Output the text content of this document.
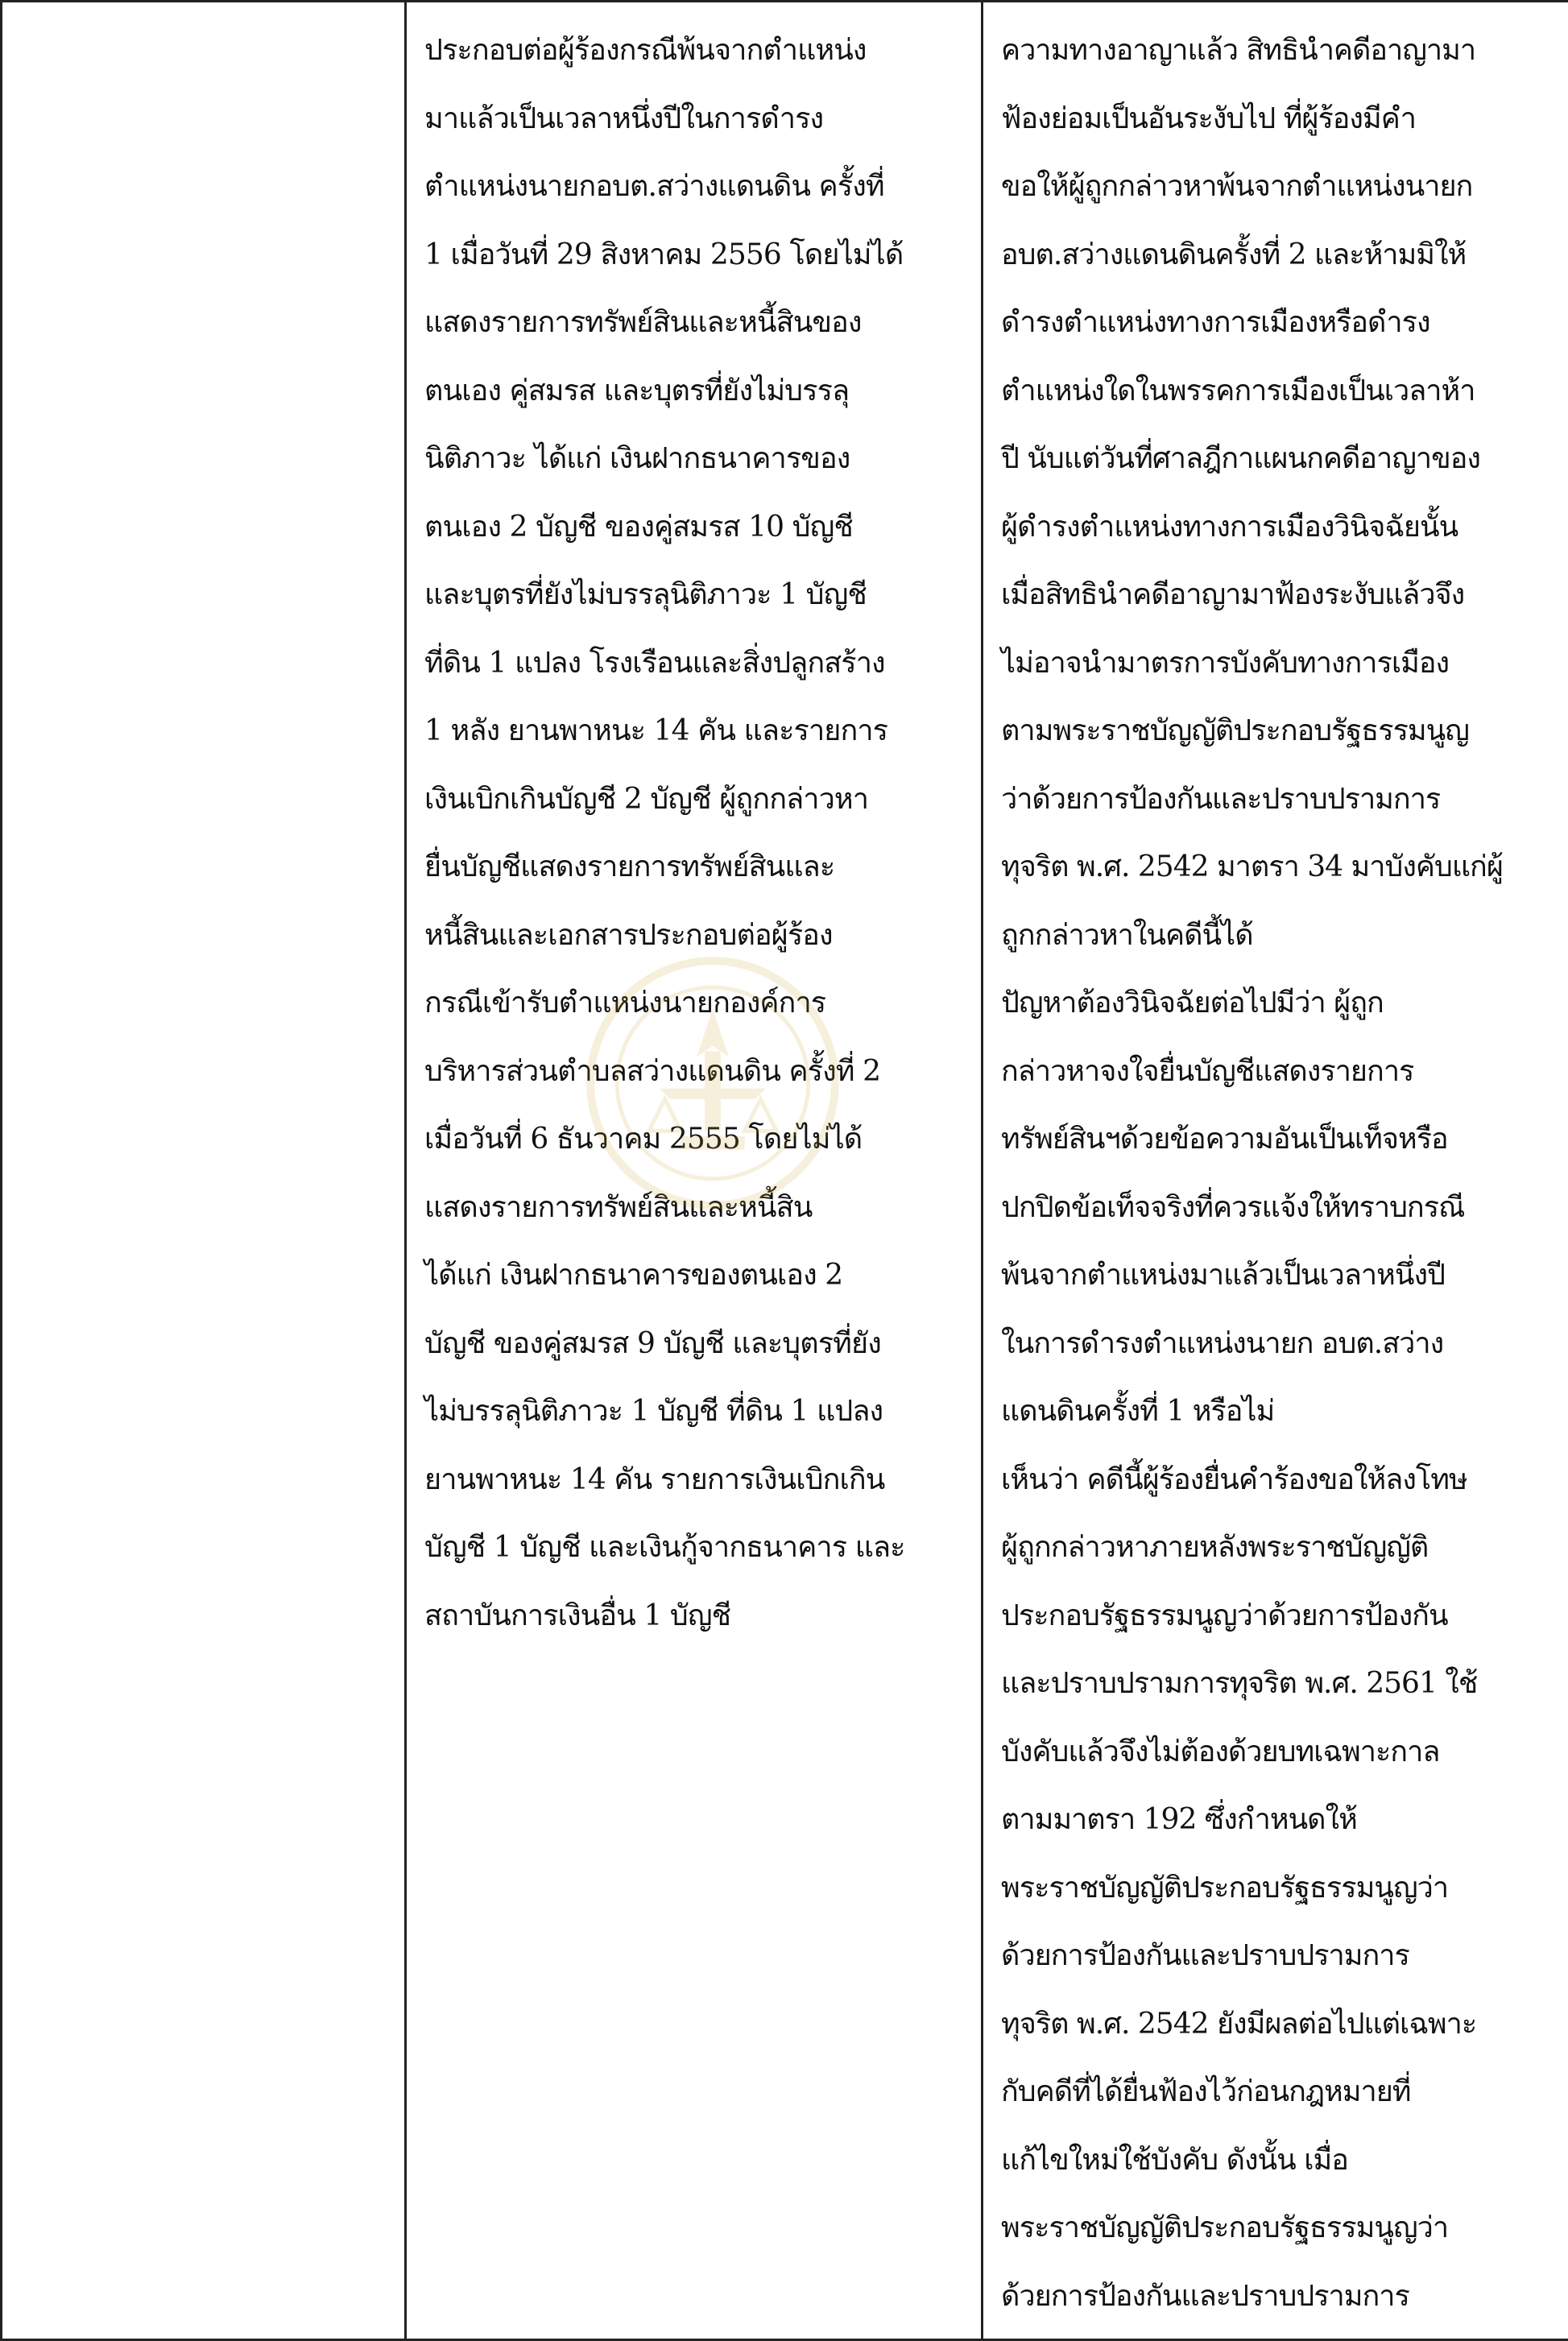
ประกอบต่อผู้ร้องกรณีพ้นจากตำแหน่ง
มาแล้วเป็นเวลาหนึ่งปีในการดำรง
ตำแหน่งนายกอบต.สว่างแดนดิน ครั้งที่
1 เมื่อวันที่ 29 สิงหาคม 2556 โดยไม่ได้
แสดงรายการทรัพย์สินและหนี้สินของ
ตนเอง คู่สมรส และบุตรที่ยังไม่บรรลุ
นิติภาวะ ได้แก่ เงินฝากธนาคารของ
ตนเอง 2 บัญชี ของคู่สมรส 10 บัญชี
และบุตรที่ยังไม่บรรลุนิติภาวะ 1 บัญชี
ที่ดิน 1 แปลง โรงเรือนและสิ่งปลูกสร้าง
1 หลัง ยานพาหนะ 14 คัน และรายการ
เงินเบิกเกินบัญชี 2 บัญชี ผู้ถูกกล่าวหา
ยื่นบัญชีแสดงรายการทรัพย์สินและ
หนี้สินและเอกสารประกอบต่อผู้ร้อง
กรณีเข้ารับตำแหน่งนายกองค์การ
บริหารส่วนตำบลสว่างแดนดิน ครั้งที่ 2
เมื่อวันที่ 6 ธันวาคม 2555 โดยไม่ได้
แสดงรายการทรัพย์สินและหนี้สิน
ได้แก่ เงินฝากธนาคารของตนเอง 2
บัญชี ของคู่สมรส 9 บัญชี และบุตรที่ยัง
ไม่บรรลุนิติภาวะ 1 บัญชี ที่ดิน 1 แปลง
ยานพาหนะ 14 คัน รายการเงินเบิกเกิน
บัญชี 1 บัญชี และเงินกู้จากธนาคาร และ
สถาบันการเงินอื่น 1 บัญชี

ความทางอาญาแล้ว สิทธินำคดีอาญามา
ฟ้องย่อมเป็นอันระงับไป ที่ผู้ร้องมีคำ
ขอให้ผู้ถูกกล่าวหาพ้นจากตำแหน่งนายก
อบต.สว่างแดนดินครั้งที่ 2 และห้ามมิให้
ดำรงตำแหน่งทางการเมืองหรือดำรง
ตำแหน่งใดในพรรคการเมืองเป็นเวลาห้า
ปี นับแต่วันที่ศาลฎีกาแผนกคดีอาญาของ
ผู้ดำรงตำแหน่งทางการเมืองวินิจฉัยนั้น
เมื่อสิทธินำคดีอาญามาฟ้องระงับแล้วจึง
ไม่อาจนำมาตรการบังคับทางการเมือง
ตามพระราชบัญญัติประกอบรัฐธรรมนูญ
ว่าด้วยการป้องกันและปราบปรามการ
ทุจริต พ.ศ. 2542 มาตรา 34 มาบังคับแก่ผู้
ถูกกล่าวหาในคดีนี้ได้
ปัญหาต้องวินิจฉัยต่อไปมีว่า ผู้ถูก
กล่าวหาจงใจยื่นบัญชีแสดงรายการ
ทรัพย์สินฯด้วยข้อความอันเป็นเท็จหรือ
ปกปิดข้อเท็จจริงที่ควรแจ้งให้ทราบกรณี
พ้นจากตำแหน่งมาแล้วเป็นเวลาหนึ่งปี
ในการดำรงตำแหน่งนายก อบต.สว่าง
แดนดินครั้งที่ 1 หรือไม่
เห็นว่า คดีนี้ผู้ร้องยื่นคำร้องขอให้ลงโทษ
ผู้ถูกกล่าวหาภายหลังพระราชบัญญัติ
ประกอบรัฐธรรมนูญว่าด้วยการป้องกัน
และปราบปรามการทุจริต พ.ศ. 2561 ใช้
บังคับแล้วจึงไม่ต้องด้วยบทเฉพาะกาล
ตามมาตรา 192 ซึ่งกำหนดให้
พระราชบัญญัติประกอบรัฐธรรมนูญว่า
ด้วยการป้องกันและปราบปรามการ
ทุจริต พ.ศ. 2542 ยังมีผลต่อไปแต่เฉพาะ
กับคดีที่ได้ยื่นฟ้องไว้ก่อนกฎหมายที่
แก้ไขใหม่ใช้บังคับ ดังนั้น เมื่อ
พระราชบัญญัติประกอบรัฐธรรมนูญว่า
ด้วยการป้องกันและปราบปรามการ
